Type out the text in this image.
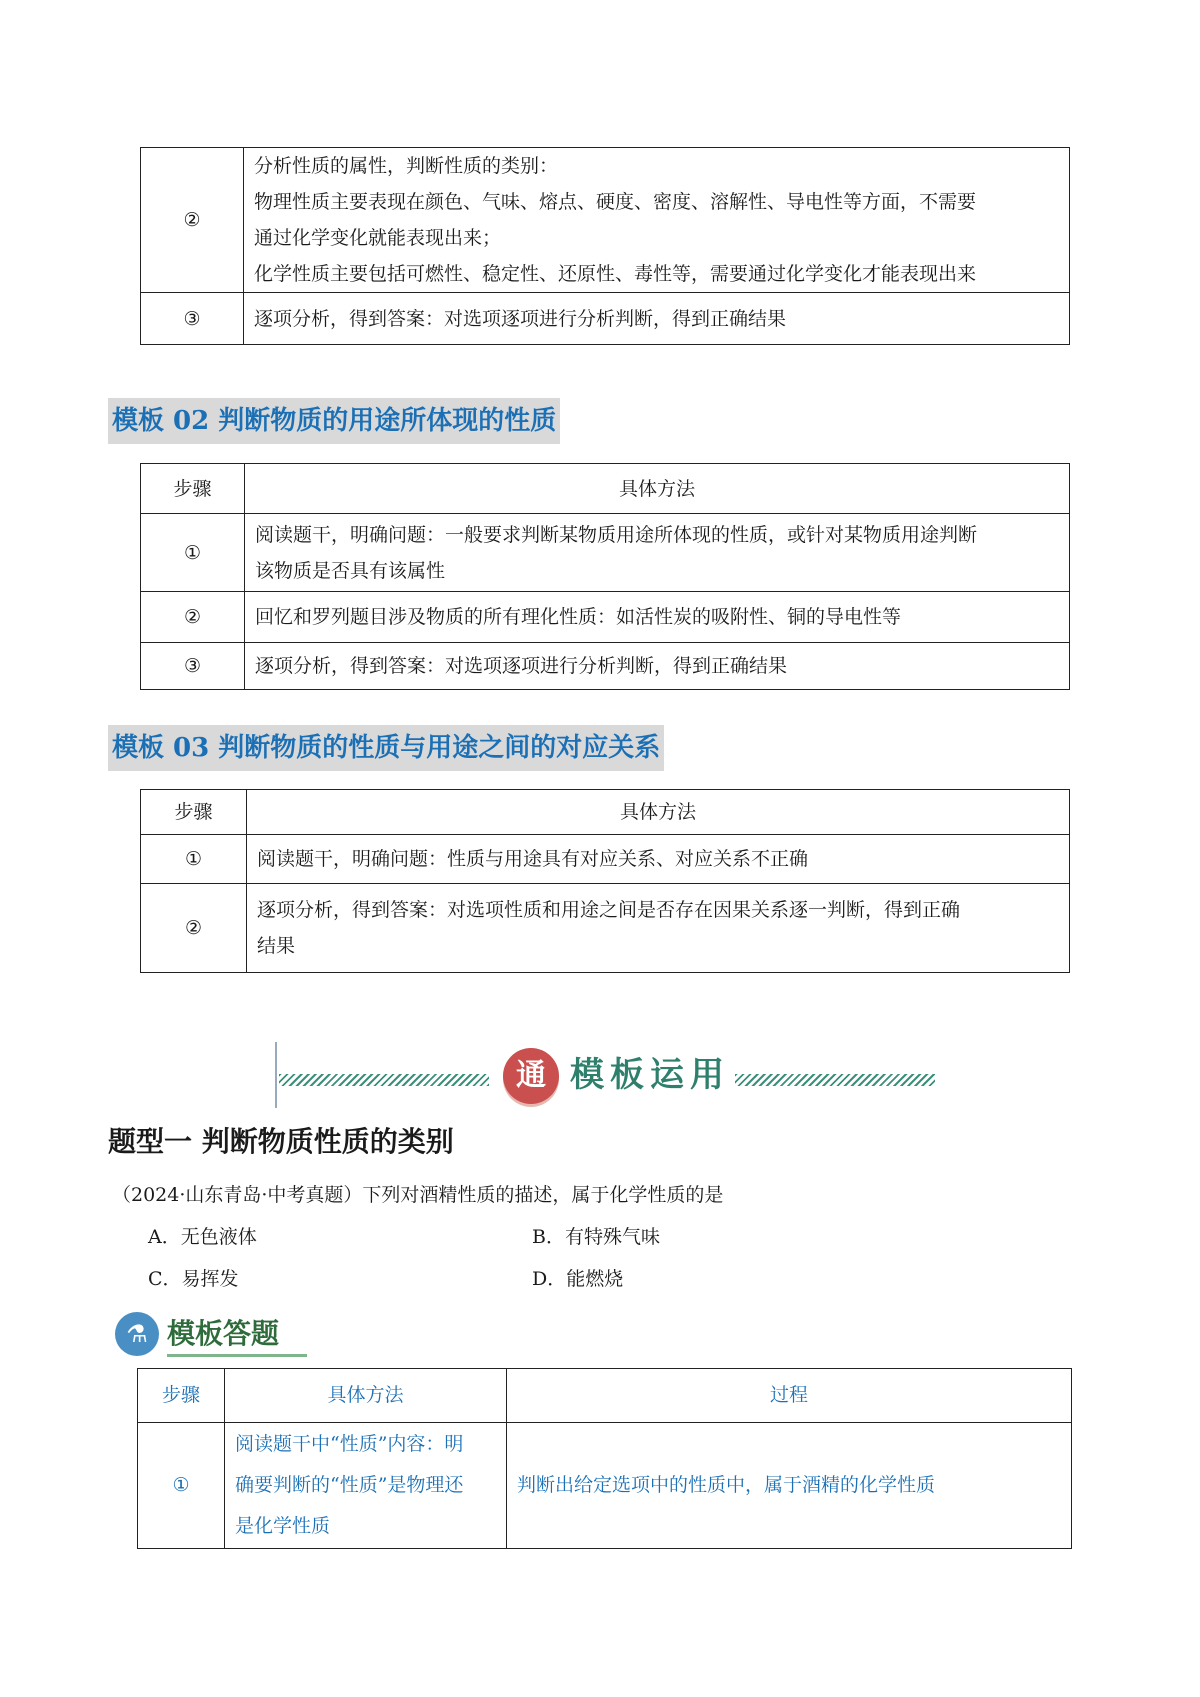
②	分析性质的属性，判断性质的类别：
物理性质主要表现在颜色、气味、熔点、硬度、密度、溶解性、导电性等方面，不需要
通过化学变化就能表现出来；
化学性质主要包括可燃性、稳定性、还原性、毒性等，需要通过化学变化才能表现出来

③	逐项分析，得到答案：对选项逐项进行分析判断，得到正确结果
模板 02 判断物质的用途所体现的性质
步骤	具体方法
①	阅读题干，明确问题：一般要求判断某物质用途所体现的性质，或针对某物质用途判断
该物质是否具有该属性

②	回忆和罗列题目涉及物质的所有理化性质：如活性炭的吸附性、铜的导电性等

③	逐项分析，得到答案：对选项逐项进行分析判断，得到正确结果
模板 03 判断物质的性质与用途之间的对应关系
步骤	具体方法
①	阅读题干，明确问题：性质与用途具有对应关系、对应关系不正确

②	逐项分析，得到答案：对选项性质和用途之间是否存在因果关系逐一判断，得到正确
结果
通 模板运用
题型一 判断物质性质的类别
（2024·山东青岛·中考真题）下列对酒精性质的描述，属于化学性质的是
A．无色液体	B．有特殊气味
C．易挥发	D．能燃烧
⚗ 模板答题
步骤	具体方法	过程
①	阅读题干中“性质”内容：明
确要判断的“性质”是物理还
是化学性质	判断出给定选项中的性质中，属于酒精的化学性质
